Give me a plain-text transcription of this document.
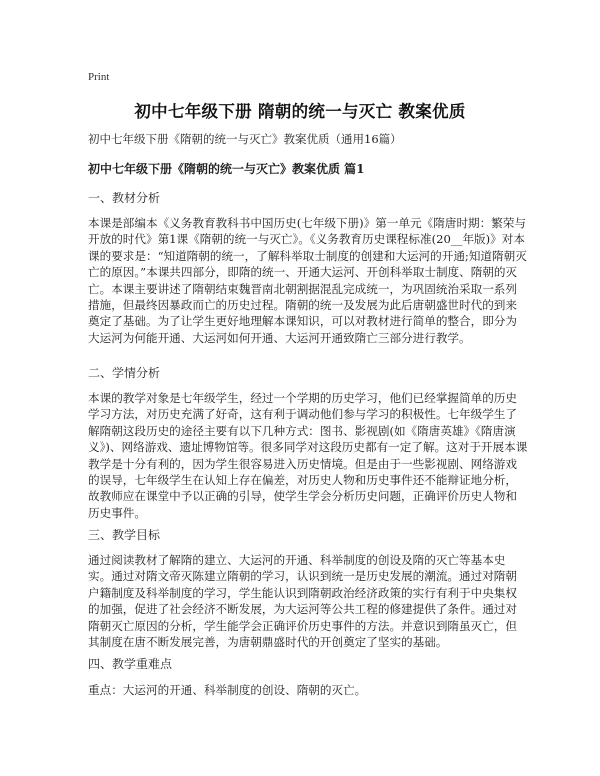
Print
初中七年级下册 隋朝的统一与灭亡 教案优质

初中七年级下册《隋朝的统一与灭亡》教案优质（通用16篇）

初中七年级下册《隋朝的统一与灭亡》教案优质 篇1

一、教材分析

本课是部编本《义务教育教科书中国历史(七年级下册)》第一单元《隋唐时期：繁荣与开放的时代》第1课《隋朝的统一与灭亡》。《义务教育历史课程标准(20__年版)》对本课的要求是：“知道隋朝的统一，了解科举取士制度的创建和大运河的开通;知道隋朝灭亡的原因。”本课共四部分，即隋的统一、开通大运河、开创科举取士制度、隋朝的灭亡。本课主要讲述了隋朝结束魏晋南北朝割据混乱完成统一，为巩固统治采取一系列措施，但最终因暴政而亡的历史过程。隋朝的统一及发展为此后唐朝盛世时代的到来奠定了基础。为了让学生更好地理解本课知识，可以对教材进行简单的整合，即分为大运河为何能开通、大运河如何开通、大运河开通致隋亡三部分进行教学。

二、学情分析

本课的教学对象是七年级学生，经过一个学期的历史学习，他们已经掌握简单的历史学习方法，对历史充满了好奇，这有利于调动他们参与学习的积极性。七年级学生了解隋朝这段历史的途径主要有以下几种方式：图书、影视剧(如《隋唐英雄》《隋唐演义》)、网络游戏、遗址博物馆等。很多同学对这段历史都有一定了解。这对于开展本课教学是十分有利的，因为学生很容易进入历史情境。但是由于一些影视剧、网络游戏的误导，七年级学生在认知上存在偏差，对历史人物和历史事件还不能辩证地分析，故教师应在课堂中予以正确的引导，使学生学会分析历史问题，正确评价历史人物和历史事件。

三、教学目标

通过阅读教材了解隋的建立、大运河的开通、科举制度的创设及隋的灭亡等基本史实。通过对隋文帝灭陈建立隋朝的学习，认识到统一是历史发展的潮流。通过对隋朝户籍制度及科举制度的学习，学生能认识到隋朝政治经济政策的实行有利于中央集权的加强，促进了社会经济不断发展，为大运河等公共工程的修建提供了条件。通过对隋朝灭亡原因的分析，学生能学会正确评价历史事件的方法。并意识到隋虽灭亡，但其制度在唐不断发展完善，为唐朝鼎盛时代的开创奠定了坚实的基础。

四、教学重难点

重点：大运河的开通、科举制度的创设、隋朝的灭亡。
